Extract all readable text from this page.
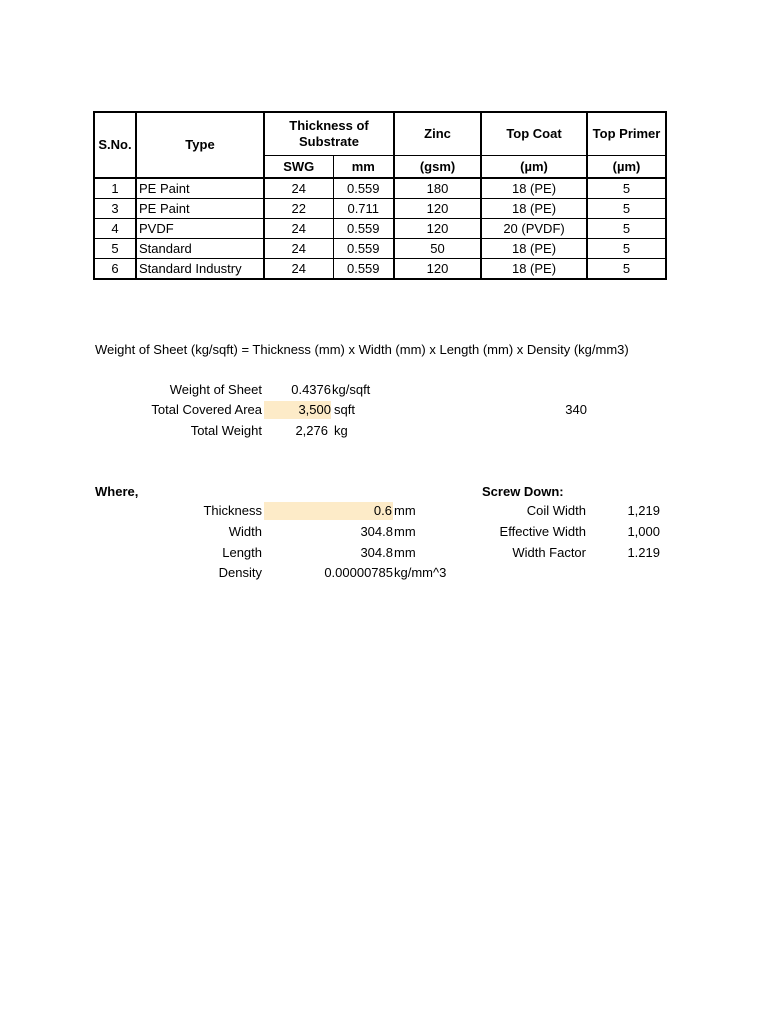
S.No.	Type	Thickness of Substrate		Zinc	Top Coat	Top Primer
		SWG	mm	(gsm)	(µm)	(µm)
1	PE Paint	24	0.559	180	18 (PE)	5
3	PE Paint	22	0.711	120	18 (PE)	5
4	PVDF	24	0.559	120	20 (PVDF)	5
5	Standard	24	0.559	50	18 (PE)	5
6	Standard Industry	24	0.559	120	18 (PE)	5
Weight of Sheet (kg/sqft) = Thickness (mm) x Width (mm) x Length (mm) x Density (kg/mm3)
Weight of Sheet	0.4376 kg/sqft
Total Covered Area	3,500 sqft	340
Total Weight	2,276 kg
Where,
Thickness	0.6 mm
Width	304.8 mm
Length	304.8 mm
Density	0.00000785 kg/mm^3
Screw Down:
Coil Width	1,219
Effective Width	1,000
Width Factor	1.219
